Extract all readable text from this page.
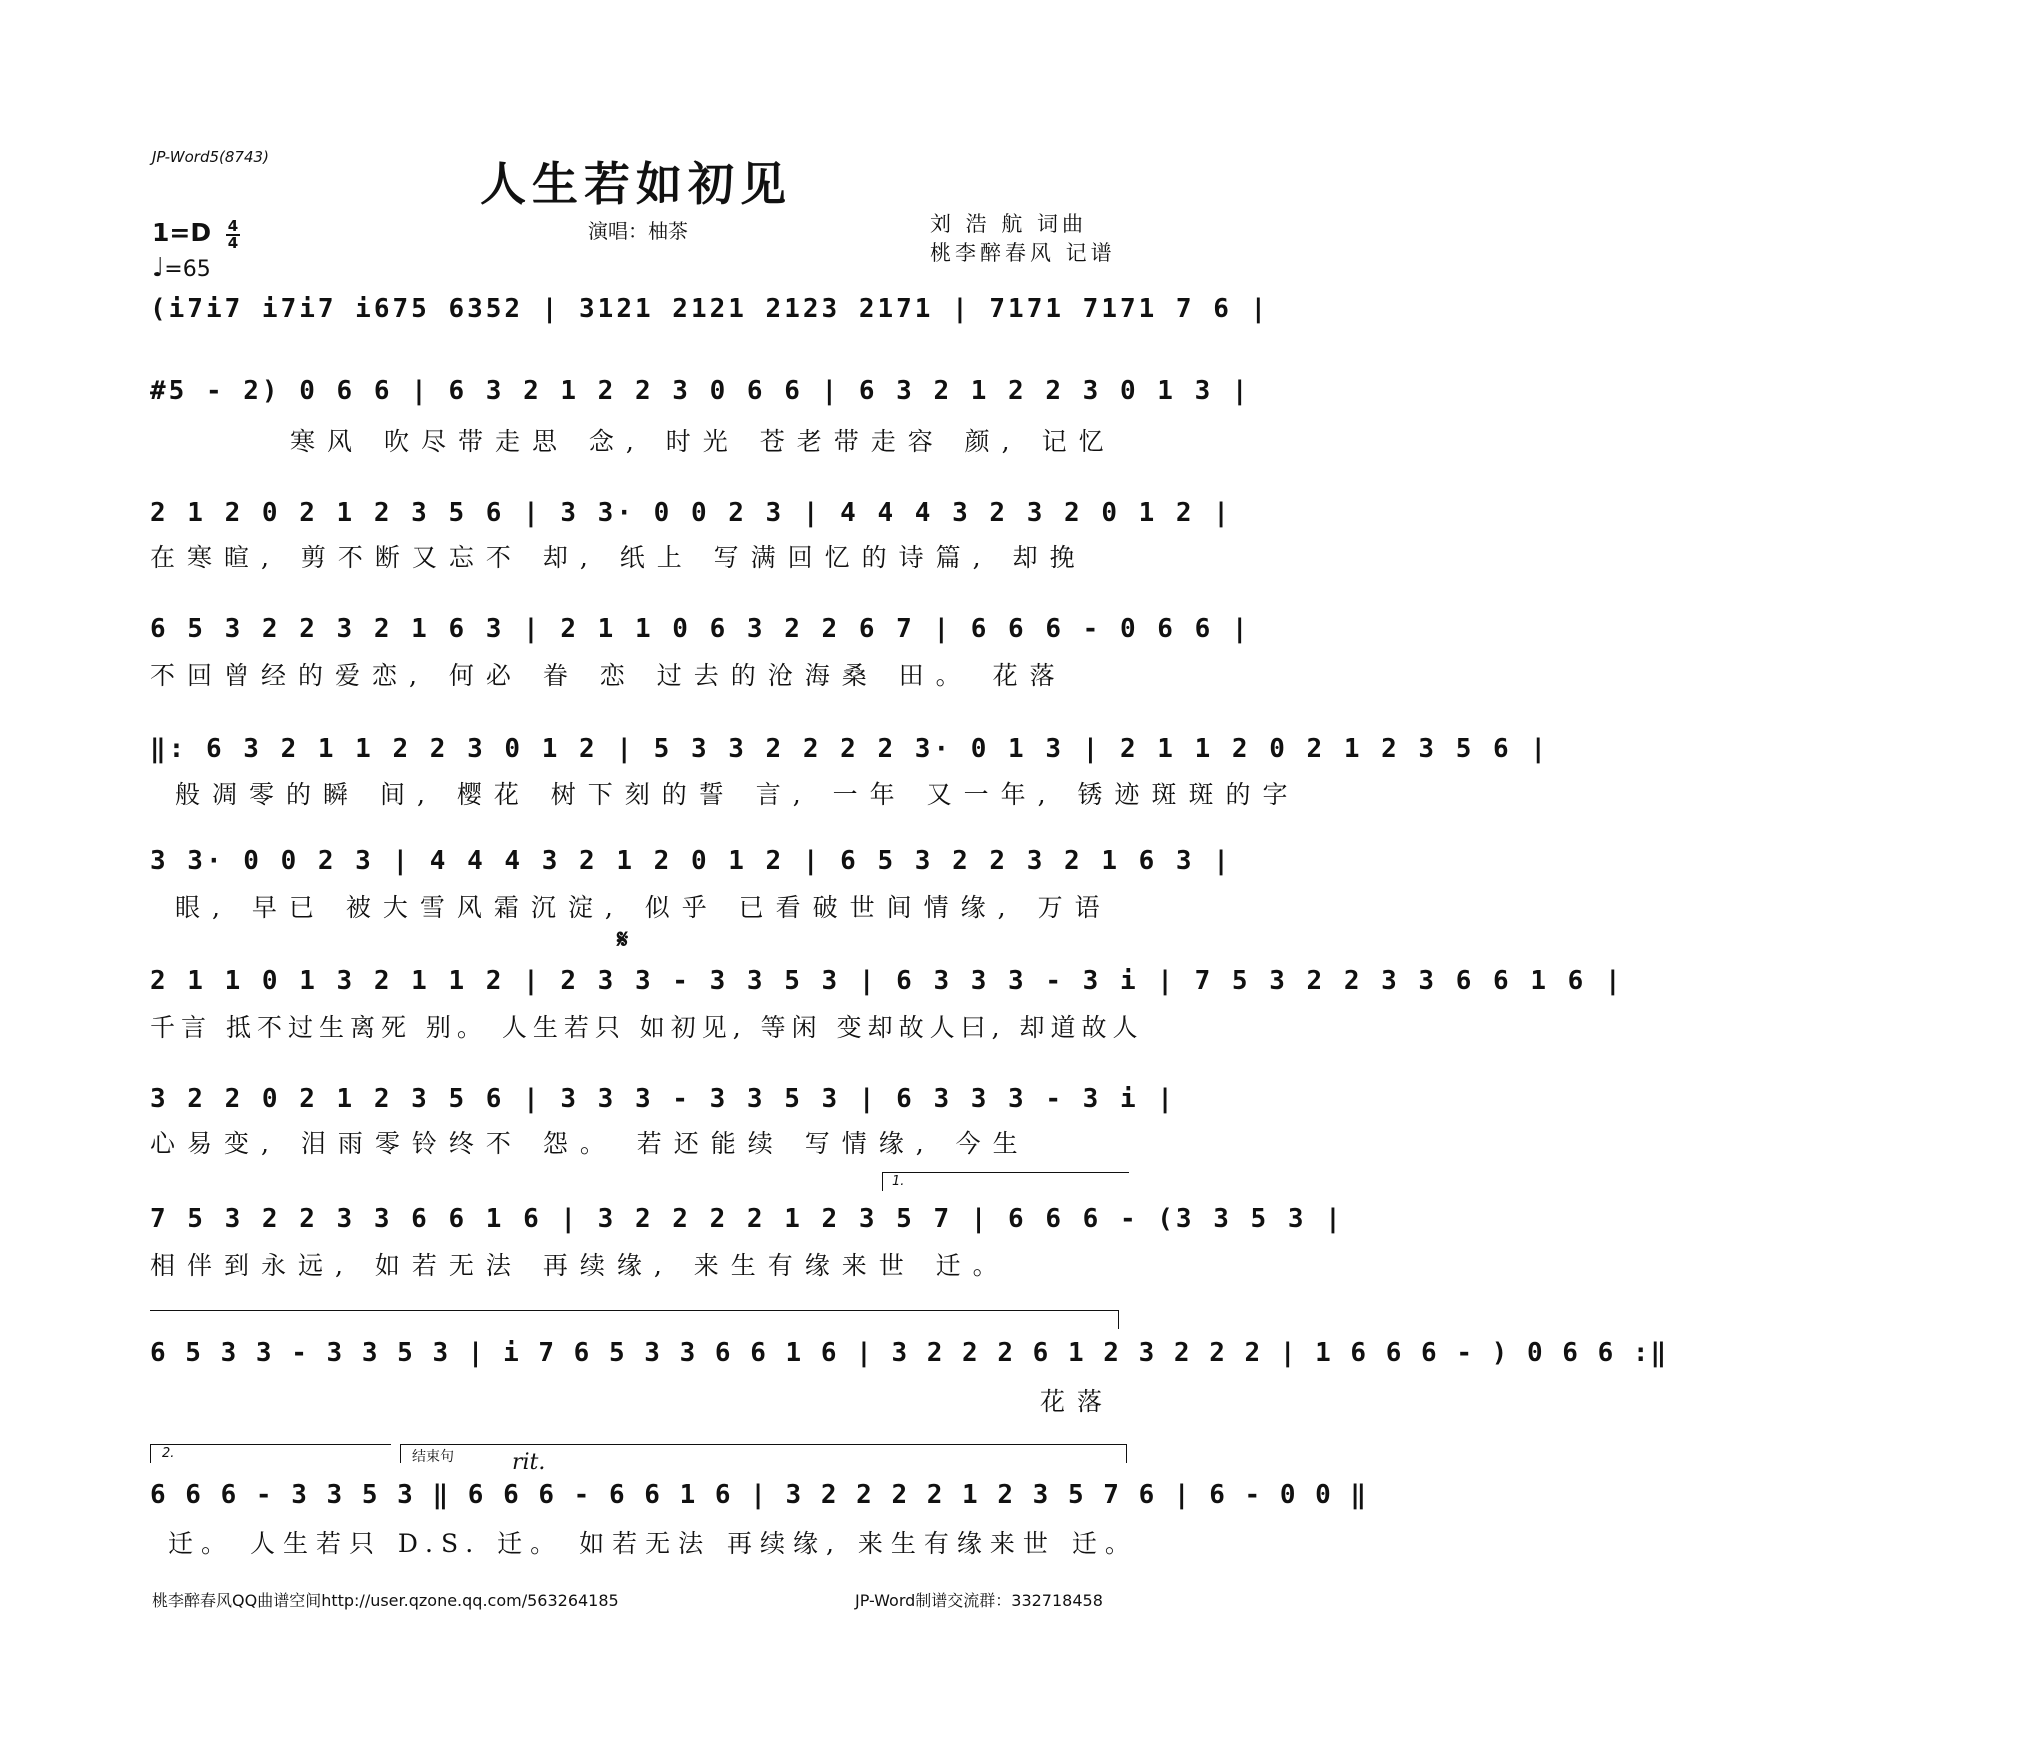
JP-Word5(8743)	人生若如初见
演唱：柚茶	刘 浩 航 词曲
桃李醉春风 记谱
1=D 4
4
♩=65
(i7i7 i7i7 i675 6352 | 3121 2121 2123 2171 | 7171 7171 7 6 |
#5 - 2) 0 6 6 | 6 3 2 1 2 2 3 0 6 6 | 6 3 2 1 2 2 3 0 1 3 |
寒风 吹尽带走思 念, 时光 苍老带走容 颜, 记忆
2 1 2 0 2 1 2 3 5 6 | 3 3· 0 0 2 3 | 4 4 4 3 2 3 2 0 1 2 |
在寒暄, 剪不断又忘不 却, 纸上 写满回忆的诗篇, 却挽
6 5 3 2 2 3 2 1 6 3 | 2 1 1 0 6 3 2 2 6 7 | 6 6 6 - 0 6 6 |
不回曾经的爱恋, 何必 眷 恋 过去的沧海桑 田。 花落
‖: 6 3 2 1 1 2 2 3 0 1 2 | 5 3 3 2 2 2 2 3· 0 1 3 | 2 1 1 2 0 2 1 2 3 5 6 |
般凋零的瞬 间, 樱花 树下刻的誓 言, 一年 又一年, 锈迹斑斑的字
3 3· 0 0 2 3 | 4 4 4 3 2 1 2 0 1 2 | 6 5 3 2 2 3 2 1 6 3 |
眼, 早已 被大雪风霜沉淀, 似乎 已看破世间情缘, 万语
𝄋
2 1 1 0 1 3 2 1 1 2 | 2 3 3 - 3 3 5 3 | 6 3 3 3 - 3 i | 7 5 3 2 2 3 3 6 6 1 6 |
千言 抵不过生离死 别。 人生若只 如初见, 等闲 变却故人曰, 却道故人
3 2 2 0 2 1 2 3 5 6 | 3 3 3 - 3 3 5 3 | 6 3 3 3 - 3 i |
心易变, 泪雨零铃终不 怨。 若还能续 写情缘, 今生
1.
7 5 3 2 2 3 3 6 6 1 6 | 3 2 2 2 2 1 2 3 5 7 | 6 6 6 - (3 3 5 3 |
相伴到永远, 如若无法 再续缘, 来生有缘来世 迁。
6 5 3 3 - 3 3 5 3 | i 7 6 5 3 3 6 6 1 6 | 3 2 2 2 6 1 2 3 2 2 2 | 1 6 6 6 - ) 0 6 6 :‖
花落
2.	结束句	rit.
6 6 6 - 3 3 5 3 ‖ 6 6 6 - 6 6 1 6 | 3 2 2 2 2 1 2 3 5 7 6 | 6 - 0 0 ‖
迁。 人生若只 D.S. 迁。 如若无法 再续缘, 来生有缘来世 迁。
桃李醉春风QQ曲谱空间http://user.qzone.qq.com/563264185	JP-Word制谱交流群：332718458
